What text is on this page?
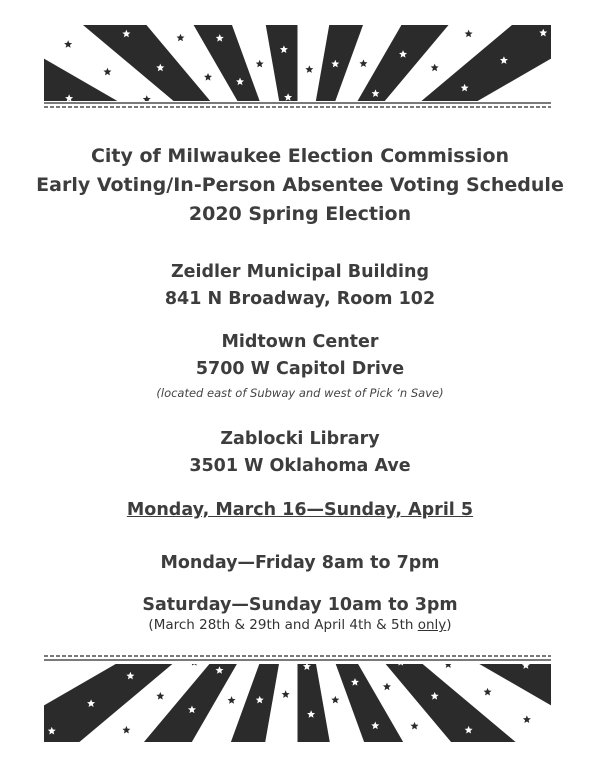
City of Milwaukee Election Commission
Early Voting/In-Person Absentee Voting Schedule
2020 Spring Election
Zeidler Municipal Building
841 N Broadway, Room 102
Midtown Center
5700 W Capitol Drive
(located east of Subway and west of Pick ‘n Save)
Zablocki Library
3501 W Oklahoma Ave
Monday, March 16—Sunday, April 5
Monday—Friday 8am to 7pm
Saturday—Sunday 10am to 3pm
(March 28th & 29th and April 4th & 5th only)
